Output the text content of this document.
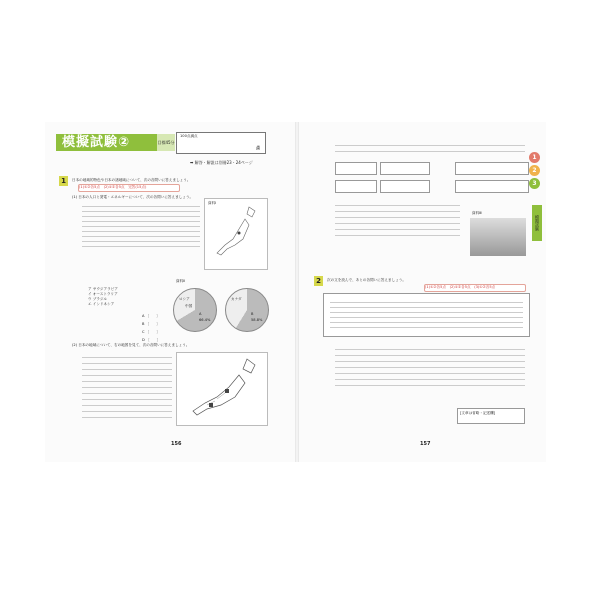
模擬試験②	目標45分
100点満点
点
➡ 解答・解説は別冊23・24ページ
1	日本の地域的特色や日本の諸地域について、次の各問いに答えましょう。
(1)①②各5点　(2)①②各5点　完答(15点)
(1) 日本の人口と発電・エネルギーについて、次の各問いに答えましょう。
資料Ⅰ
ア サウジアラビア
イ オーストラリア
ウ ブラジル
エ インドネシア
A 〔　　〕
B 〔　　〕
C 〔　　〕
D 〔　　〕
資料Ⅱ
ロシア
中国
A
66.4%
カナダ
B
58.8%
(2) 日本の地域について、右の地図を見て、次の各問いに答えましょう。
156
資料Ⅲ
2	次の文を読んで、あとの各問いに答えましょう。
(1)①②各5点　(2)①②各5点　(3)①②各5点
[文章は省略・記述欄]
157
1
2
3
模擬試験
